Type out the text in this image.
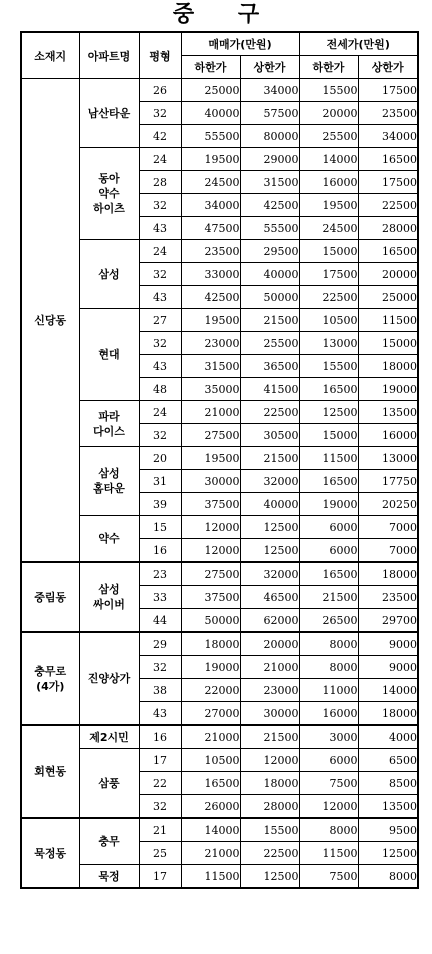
중 구
소재지	아파트명	평형	매매가(만원)		전세가(만원)	
			하한가	상한가	하한가	상한가
신당동	남산타운	26	25000	34000	15500	17500
		32	40000	57500	20000	23500
		42	55500	80000	25500	34000
	동아
약수
하이츠	24	19500	29000	14000	16500
		28	24500	31500	16000	17500
		32	34000	42500	19500	22500
		43	47500	55500	24500	28000
	삼성	24	23500	29500	15000	16500
		32	33000	40000	17500	20000
		43	42500	50000	22500	25000
	현대	27	19500	21500	10500	11500
		32	23000	25500	13000	15000
		43	31500	36500	15500	18000
		48	35000	41500	16500	19000
	파라
다이스	24	21000	22500	12500	13500
		32	27500	30500	15000	16000
	삼성
홈타운	20	19500	21500	11500	13000
		31	30000	32000	16500	17750
		39	37500	40000	19000	20250
	약수	15	12000	12500	6000	7000
		16	12000	12500	6000	7000
중림동	삼성
싸이버	23	27500	32000	16500	18000
		33	37500	46500	21500	23500
		44	50000	62000	26500	29700
충무로
(4가)	진양상가	29	18000	20000	8000	9000
		32	19000	21000	8000	9000
		38	22000	23000	11000	14000
		43	27000	30000	16000	18000
회현동	제2시민	16	21000	21500	3000	4000
	삼풍	17	10500	12000	6000	6500
		22	16500	18000	7500	8500
		32	26000	28000	12000	13500
묵정동	충무	21	14000	15500	8000	9500
		25	21000	22500	11500	12500
	묵정	17	11500	12500	7500	8000
